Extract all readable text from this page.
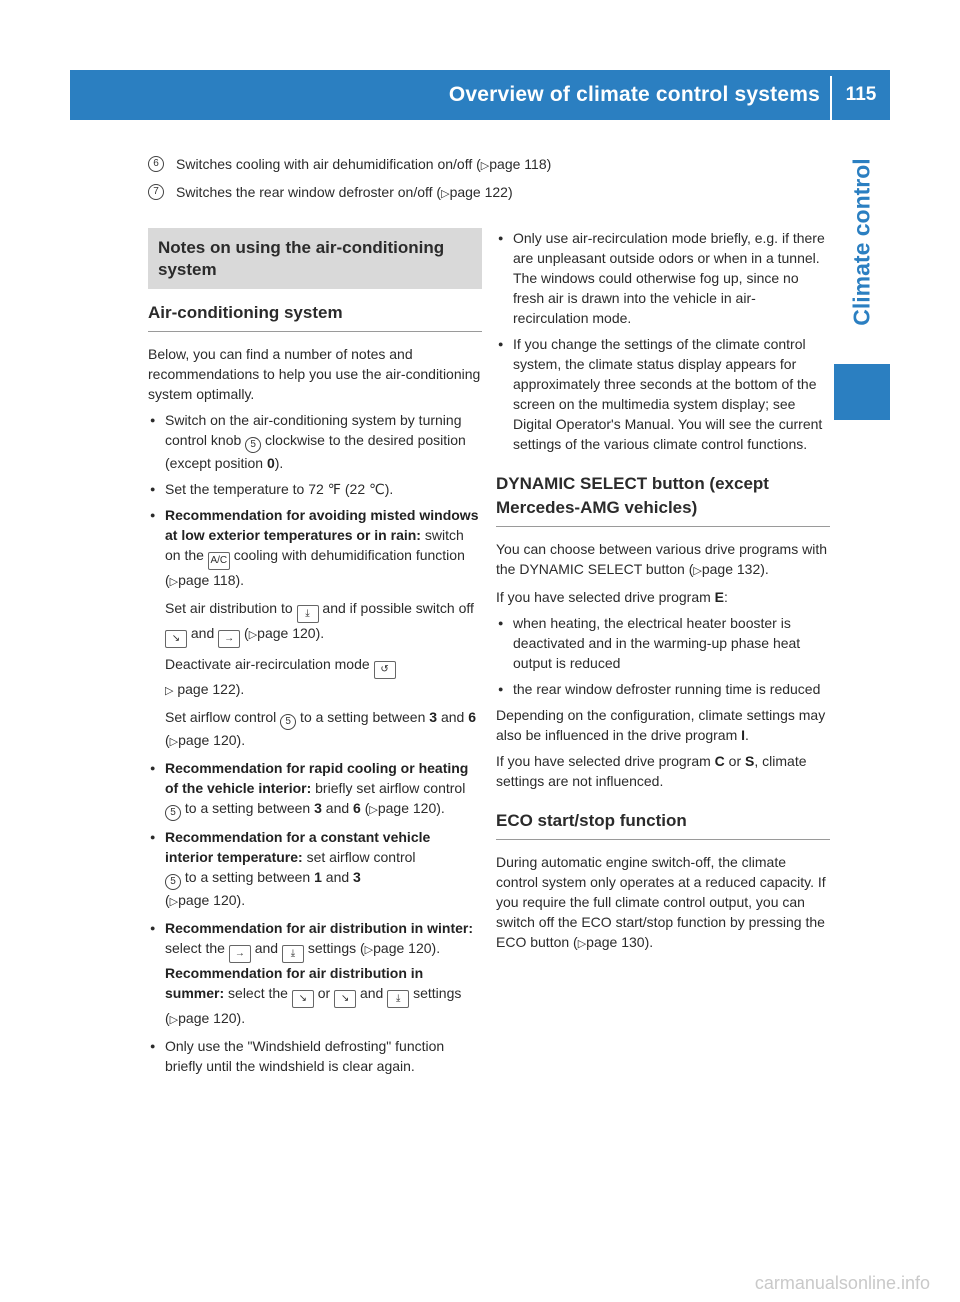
Overview of climate control systems	115
Climate control
6	Switches cooling with air dehumidification on/off (▷page 118)
7	Switches the rear window defroster on/off (▷page 122)
Notes on using the air-conditioning system
Air-conditioning system

Below, you can find a number of notes and recommendations to help you use the air-conditioning system optimally.

● Switch on the air-conditioning system by turning control knob 5 clockwise to the desired position (except position 0).
● Set the temperature to 72 ℉ (22 ℃).
● Recommendation for avoiding misted windows at low exterior temperatures or in rain: switch on the A/C cooling with dehumidification function (▷page 118).
Set air distribution to ⤓ and if possible switch off ↘ and → (▷page 120).
Deactivate air-recirculation mode ↺
▷ page 122).
Set airflow control 5 to a setting between 3 and 6 (▷page 120).
● Recommendation for rapid cooling or heating of the vehicle interior: briefly set airflow control 5 to a setting between 3 and 6 (▷page 120).
● Recommendation for a constant vehicle interior temperature: set airflow control
5 to a setting between 1 and 3
(▷page 120).
● Recommendation for air distribution in winter: select the → and ⤓ settings (▷page 120).
Recommendation for air distribution in summer: select the ↘ or ↘ and ⤓ settings (▷page 120).
● Only use the "Windshield defrosting" function briefly until the windshield is clear again.
● Only use air-recirculation mode briefly, e.g. if there are unpleasant outside odors or when in a tunnel. The windows could otherwise fog up, since no fresh air is drawn into the vehicle in air-recirculation mode.
● If you change the settings of the climate control system, the climate status display appears for approximately three seconds at the bottom of the screen on the multimedia system display; see Digital Operator's Manual. You will see the current settings of the various climate control functions.
DYNAMIC SELECT button (except Mercedes-AMG vehicles)

You can choose between various drive programs with the DYNAMIC SELECT button (▷page 132).

If you have selected drive program E:

● when heating, the electrical heater booster is deactivated and in the warming-up phase heat output is reduced
● the rear window defroster running time is reduced

Depending on the configuration, climate settings may also be influenced in the drive program I.

If you have selected drive program C or S, climate settings are not influenced.

ECO start/stop function

During automatic engine switch-off, the climate control system only operates at a reduced capacity. If you require the full climate control output, you can switch off the ECO start/stop function by pressing the ECO button (▷page 130).

carmanualsonline.info
